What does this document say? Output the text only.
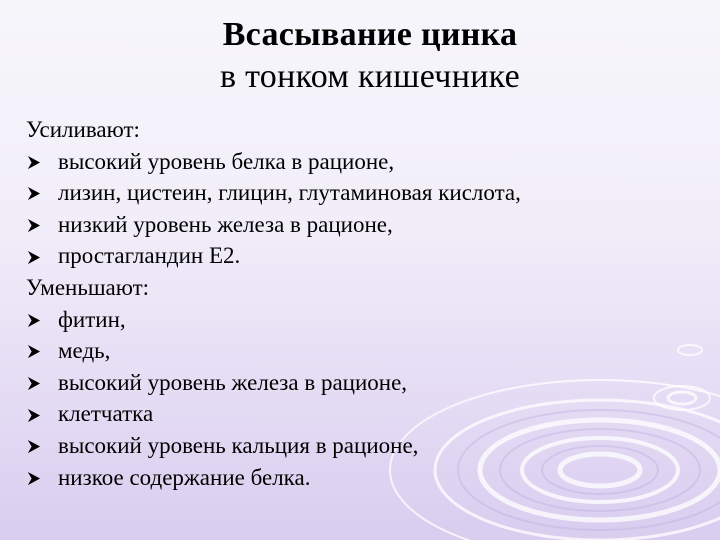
Всасывание цинка
в тонком кишечнике
Усиливают:
высокий уровень белка в рационе,
лизин, цистеин, глицин, глутаминовая кислота,
низкий уровень железа в рационе,
простагландин Е2.
Уменьшают:
фитин,
медь,
высокий уровень железа в рационе,
клетчатка
высокий уровень кальция в рационе,
низкое содержание белка.
